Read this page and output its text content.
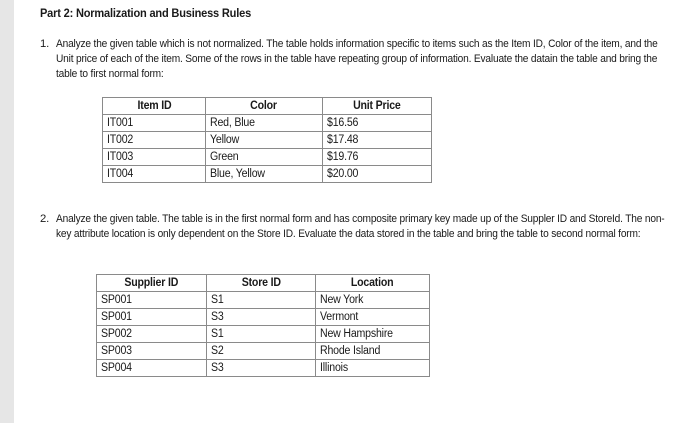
Part 2: Normalization and Business Rules
1. Analyze the given table which is not normalized. The table holds information specific to items such as the Item ID, Color of the item, and the Unit price of each of the item. Some of the rows in the table have repeating group of information. Evaluate the datain the table and bring the table to first normal form:
Item ID	Color	Unit Price
IT001	Red, Blue	$16.56
IT002	Yellow	$17.48
IT003	Green	$19.76
IT004	Blue, Yellow	$20.00
2. Analyze the given table. The table is in the first normal form and has composite primary key made up of the Suppler ID and StoreId. The non-key attribute location is only dependent on the Store ID. Evaluate the data stored in the table and bring the table to second normal form:
Supplier ID	Store ID	Location
SP001	S1	New York
SP001	S3	Vermont
SP002	S1	New Hampshire
SP003	S2	Rhode Island
SP004	S3	Illinois
